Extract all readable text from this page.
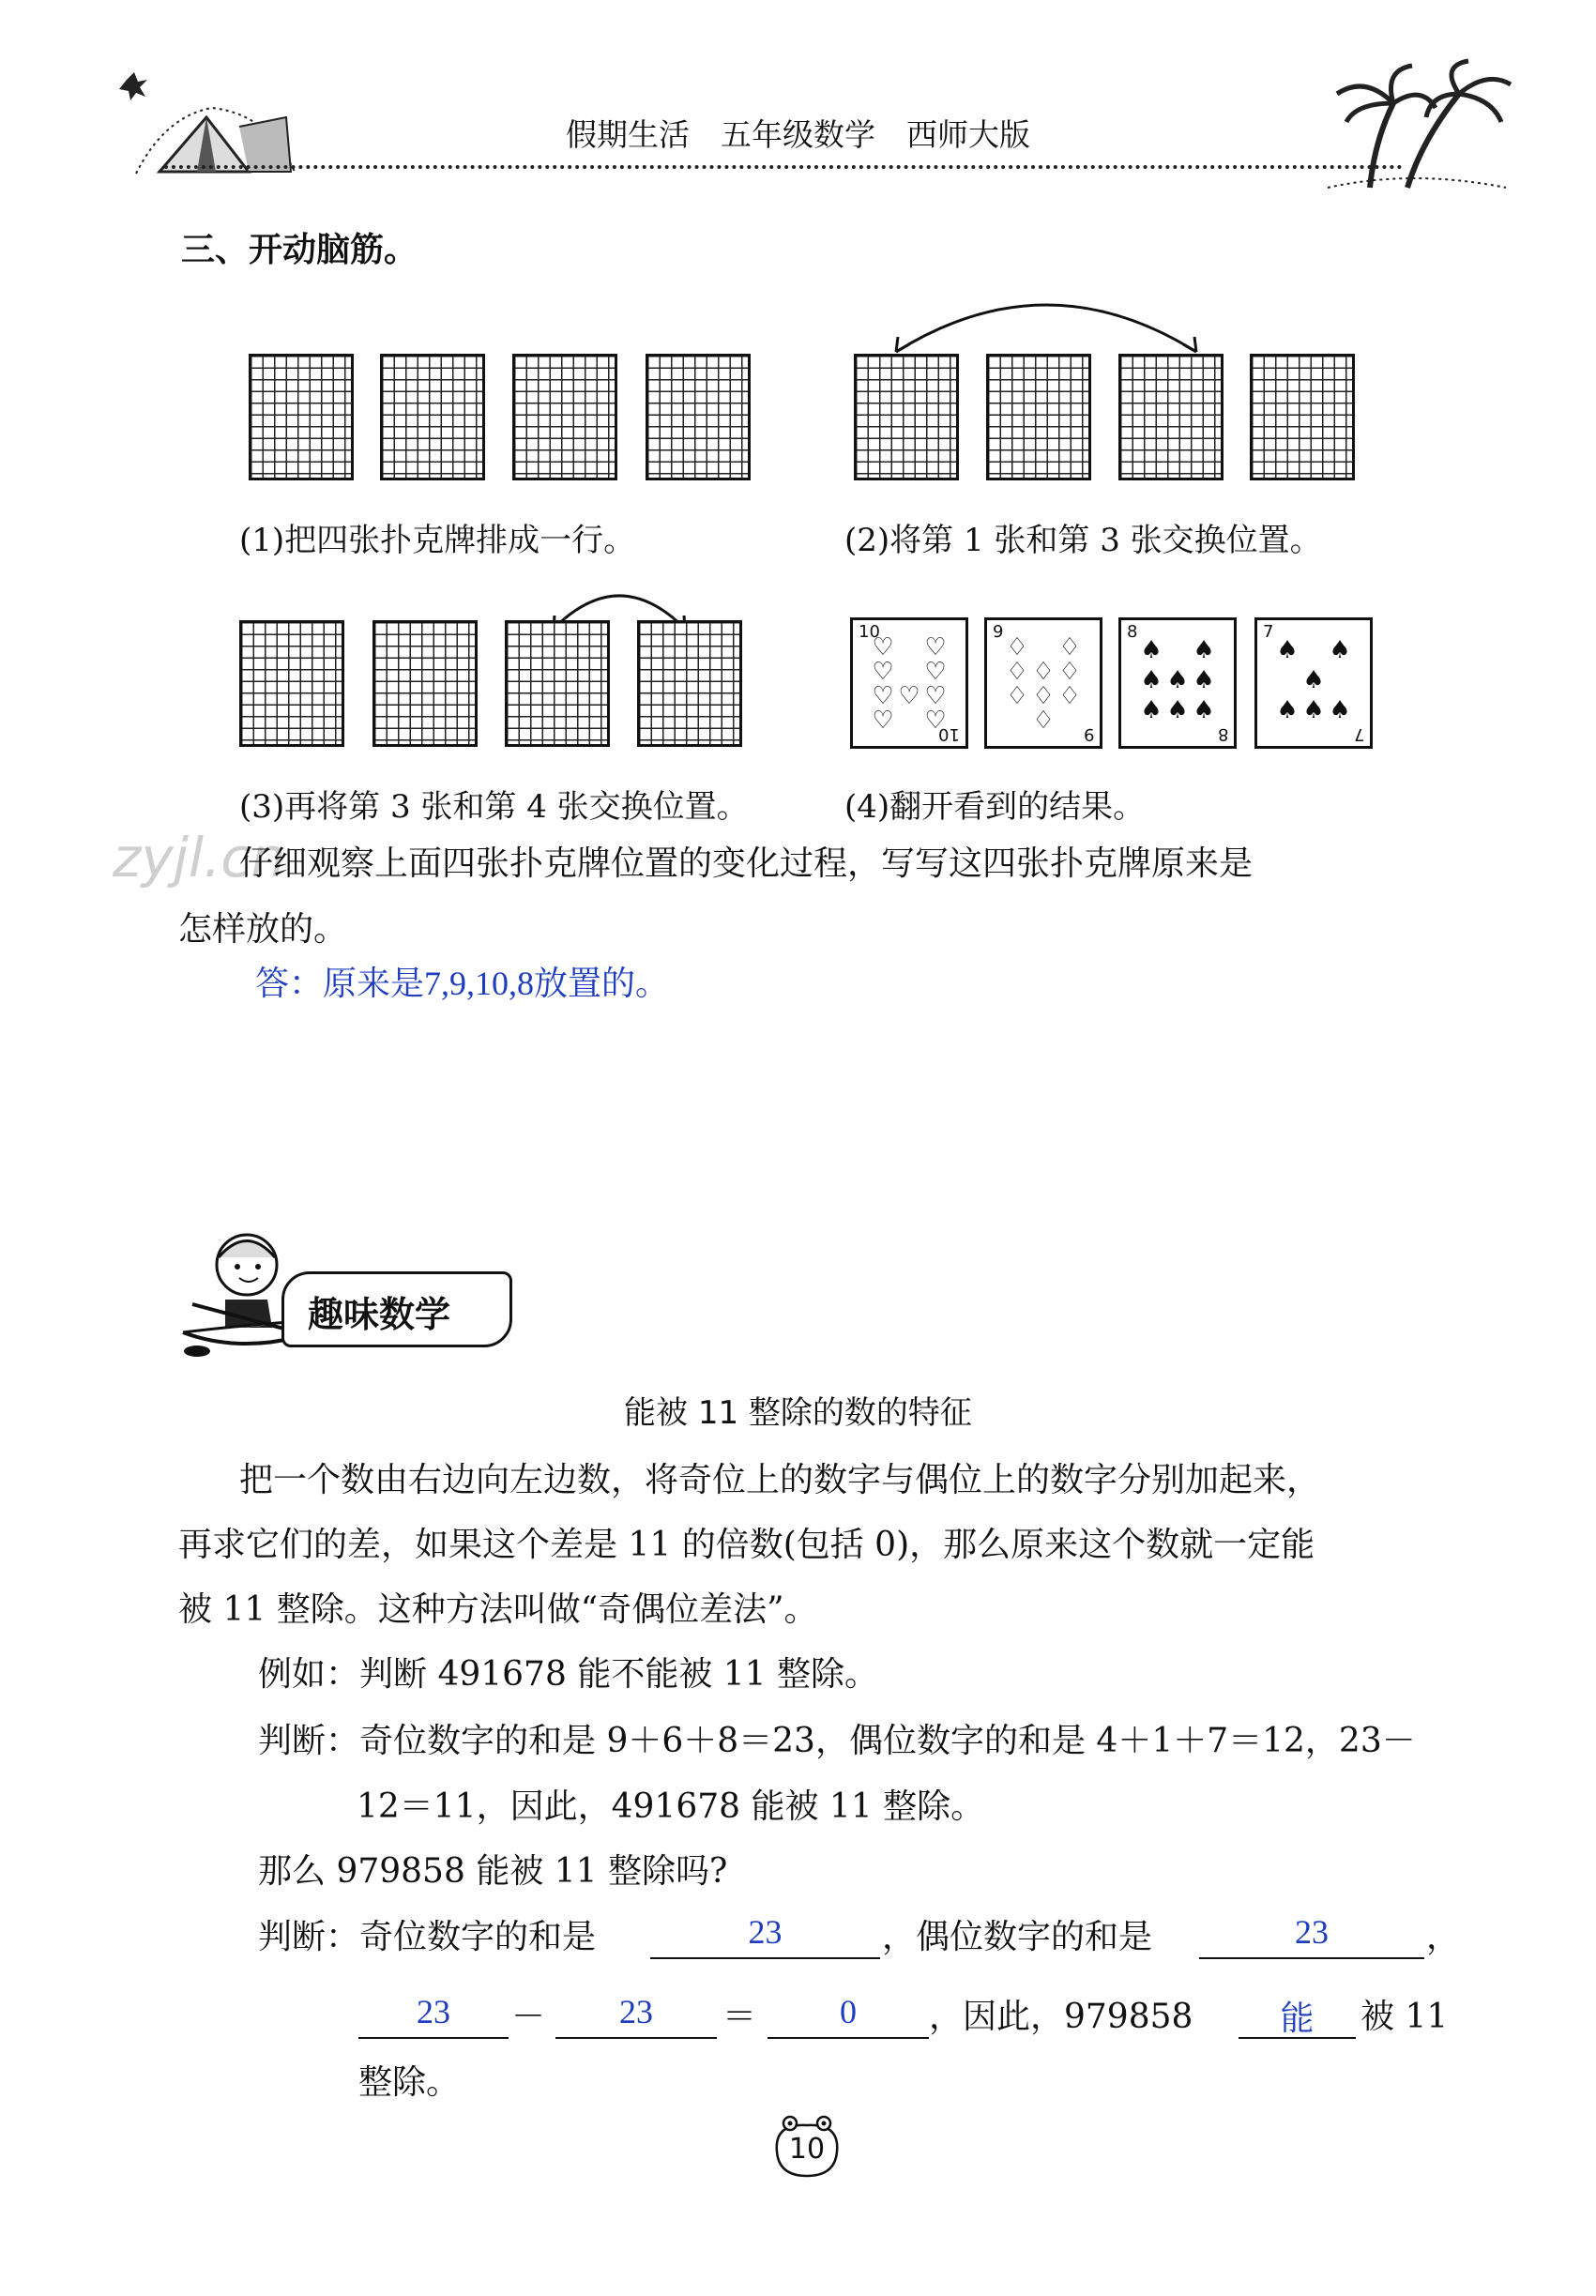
假期生活　五年级数学　西师大版
三、开动脑筋。
(1)把四张扑克牌排成一行。	(2)将第 1 张和第 3 张交换位置。
10
♡ ♡
♡ ♡
♡ ♡ ♡
♡ ♡
10
9
♢ ♢
♢ ♢ ♢
♢ ♢ ♢
♢ 9
8
♠ ♠
♠ ♠ ♠
♠ ♠ ♠
8
7
♠ ♠
♠
♠ ♠ ♠
7
(3)再将第 3 张和第 4 张交换位置。	(4)翻开看到的结果。
zyjl.cn
仔细观察上面四张扑克牌位置的变化过程，写写这四张扑克牌原来是
怎样放的。
答：原来是7,9,10,8放置的。
趣味数学
能被 11 整除的数的特征
把一个数由右边向左边数，将奇位上的数字与偶位上的数字分别加起来，
再求它们的差，如果这个差是 11 的倍数(包括 0)，那么原来这个数就一定能
被 11 整除。这种方法叫做“奇偶位差法”。
例如：判断 491678 能不能被 11 整除。
判断：奇位数字的和是 9＋6＋8＝23，偶位数字的和是 4＋1＋7＝12，23－
12＝11，因此，491678 能被 11 整除。
那么 979858 能被 11 整除吗?
判断：奇位数字的和是	23	，偶位数字的和是	23	，
23	－	23	＝	0	，因此，979858	能	被 11
整除。
10
